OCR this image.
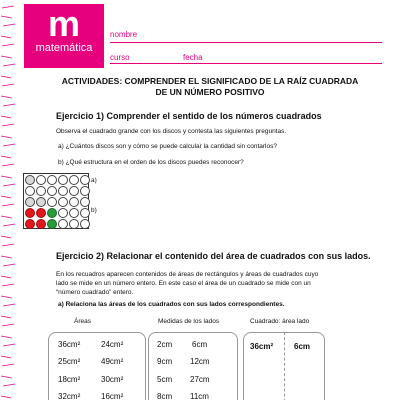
m
matemática
7º básico
nombre
curso	fecha
ACTIVIDADES: COMPRENDER EL SIGNIFICADO DE LA RAÍZ CUADRADA
DE UN NÚMERO POSITIVO
Ejercicio 1) Comprender el sentido de los números cuadrados
Observa el cuadrado grande con los discos y contesta las siguientes preguntas.
a) ¿Cuántos discos son y cómo se puede calcular la cantidad sin contarlos?
b) ¿Qué estructura en el orden de los discos puedes reconocer?
a)
b)
Ejercicio 2) Relacionar el contenido del área de cuadrados con sus lados.
En los recuadros aparecen contenidos de áreas de rectángulos y áreas de cuadrados cuyo
lado se mide en un número entero. En este caso el área de un cuadrado se mide con un
“número cuadrado” entero.
a) Relaciona las áreas de los cuadrados con sus lados correspondientes.
Áreas	Medidas de los lados	Cuadrado: área lado
36cm²	24cm²
25cm²	49cm²
18cm²	30cm²
32cm²	16cm²
2cm 6cm
9cm 12cm
5cm 27cm
8cm 11cm
36cm²	6cm
